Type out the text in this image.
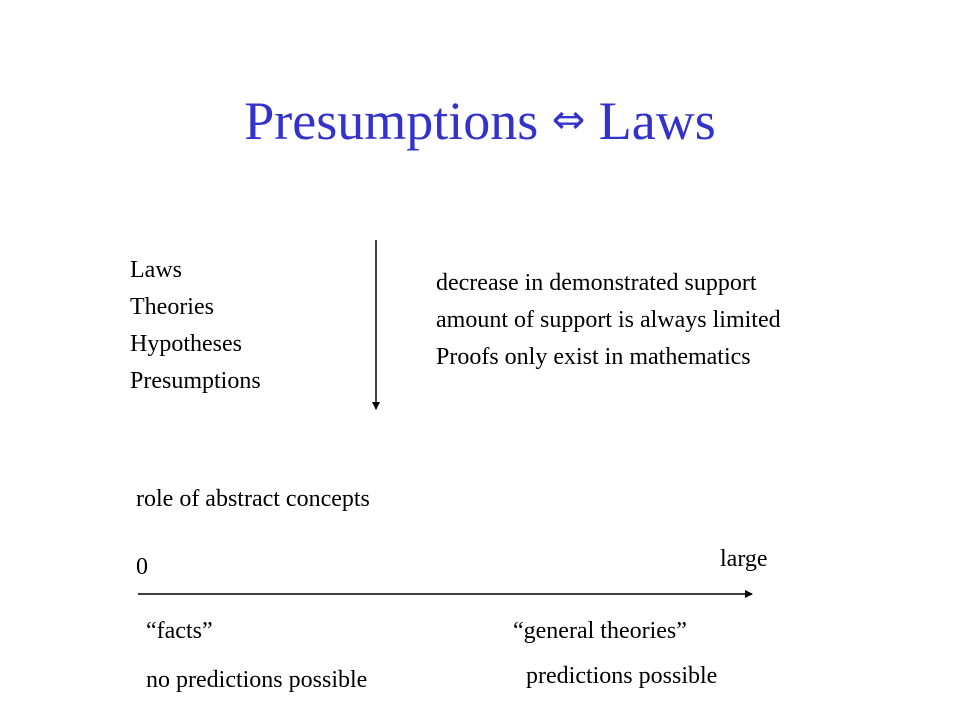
Presumptions ⇔ Laws
Laws
Theories
Hypotheses
Presumptions
decrease in demonstrated support
amount of support is always limited
Proofs only exist in mathematics
role of abstract concepts
0	large
“facts”	“general theories”
no predictions possible	predictions possible
